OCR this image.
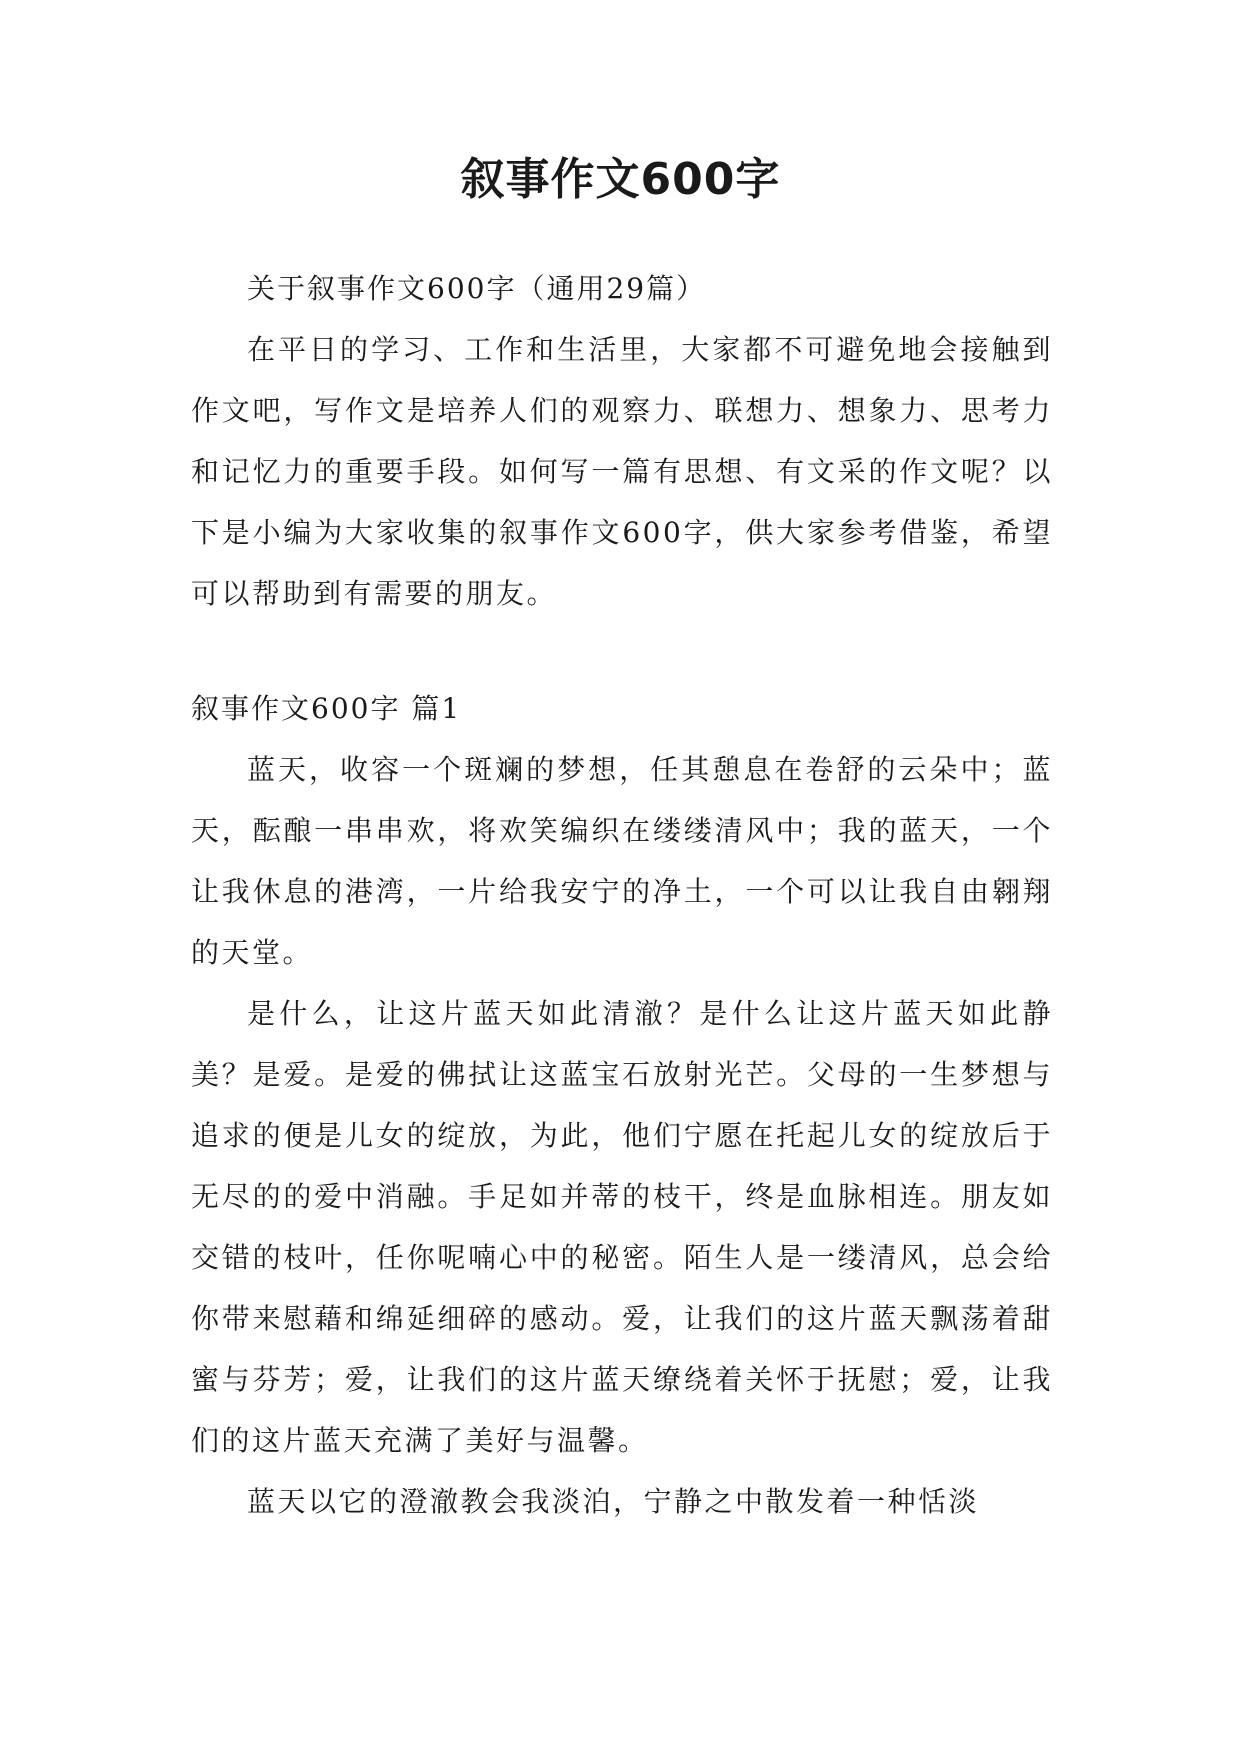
叙事作文600字

关于叙事作文600字（通用29篇）

在平日的学习、工作和生活里，大家都不可避免地会接触到作文吧，写作文是培养人们的观察力、联想力、想象力、思考力和记忆力的重要手段。如何写一篇有思想、有文采的作文呢？以下是小编为大家收集的叙事作文600字，供大家参考借鉴，希望可以帮助到有需要的朋友。

叙事作文600字 篇1

蓝天，收容一个斑斓的梦想，任其憩息在卷舒的云朵中；蓝天，酝酿一串串欢，将欢笑编织在缕缕清风中；我的蓝天，一个让我休息的港湾，一片给我安宁的净土，一个可以让我自由翱翔的天堂。

是什么，让这片蓝天如此清澈？是什么让这片蓝天如此静美？是爱。是爱的佛拭让这蓝宝石放射光芒。父母的一生梦想与追求的便是儿女的绽放，为此，他们宁愿在托起儿女的绽放后于无尽的的爱中消融。手足如并蒂的枝干，终是血脉相连。朋友如交错的枝叶，任你呢喃心中的秘密。陌生人是一缕清风，总会给你带来慰藉和绵延细碎的感动。爱，让我们的这片蓝天飘荡着甜蜜与芬芳；爱，让我们的这片蓝天缭绕着关怀于抚慰；爱，让我们的这片蓝天充满了美好与温馨。

蓝天以它的澄澈教会我淡泊，宁静之中散发着一种恬淡
